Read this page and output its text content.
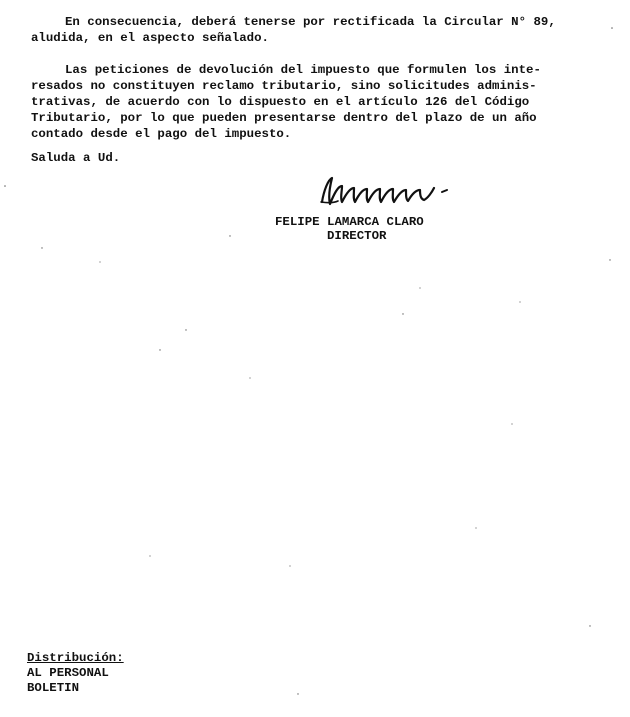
En consecuencia, deberá tenerse por rectificada la Circular N° 89,
aludida, en el aspecto señalado.
Las peticiones de devolución del impuesto que formulen los inte-
resados no constituyen reclamo tributario, sino solicitudes adminis-
trativas, de acuerdo con lo dispuesto en el artículo 126 del Código
Tributario, por lo que pueden presentarse dentro del plazo de un año
contado desde el pago del impuesto.
Saluda a Ud.
FELIPE LAMARCA CLARO
DIRECTOR
Distribución:
AL PERSONAL
BOLETIN
